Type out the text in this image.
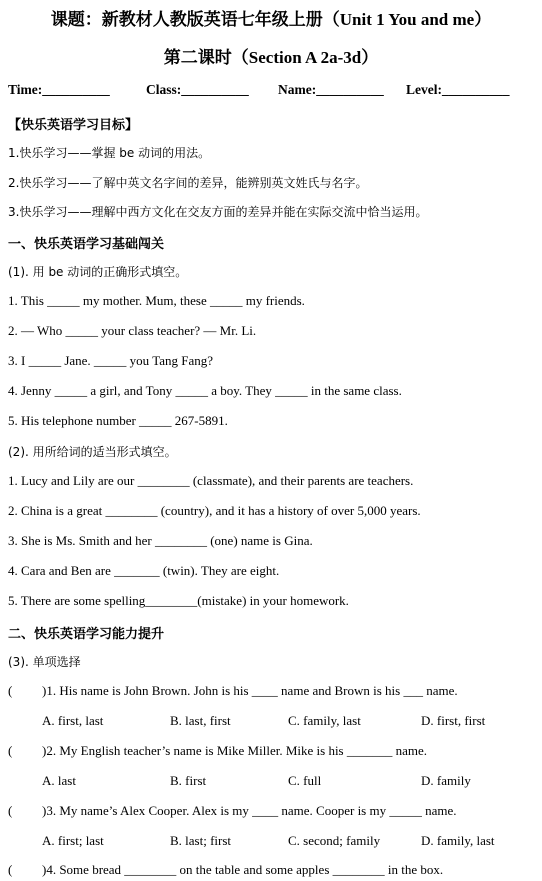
课题：新教材人教版英语七年级上册（Unit 1 You and me）
第二课时（Section A 2a-3d）
Time:__________	Class:__________ Name:__________ Level:__________
【快乐英语学习目标】
1.快乐学习——掌握 be 动词的用法。
2.快乐学习——了解中英文名字间的差异，能辨别英文姓氏与名字。
3.快乐学习——理解中西方文化在交友方面的差异并能在实际交流中恰当运用。
一、快乐英语学习基础闯关
(1). 用 be 动词的正确形式填空。
1. This _____ my mother. Mum, these _____ my friends.
2. — Who _____ your class teacher? — Mr. Li.
3. I _____ Jane. _____ you Tang Fang?
4. Jenny _____ a girl, and Tony _____ a boy. They _____ in the same class.
5. His telephone number _____ 267-5891.
(2). 用所给词的适当形式填空。
1. Lucy and Lily are our ________ (classmate), and their parents are teachers.
2. China is a great ________ (country), and it has a history of over 5,000 years.
3. She is Ms. Smith and her ________ (one) name is Gina.
4. Cara and Ben are _______ (twin). They are eight.
5. There are some spelling________(mistake) in your homework.
二、快乐英语学习能力提升
(3). 单项选择
( )1. His name is John Brown. John is his ____ name and Brown is his ___ name.
A. first, last	B. last, first	C. family, last	D. first, first
( )2. My English teacher’s name is Mike Miller. Mike is his _______ name.
A. last	B. first	C. full	D. family
( )3. My name’s Alex Cooper. Alex is my ____ name. Cooper is my _____ name.
A. first; last	B. last; first	C. second; family	D. family, last
( )4. Some bread ________ on the table and some apples ________ in the box.
